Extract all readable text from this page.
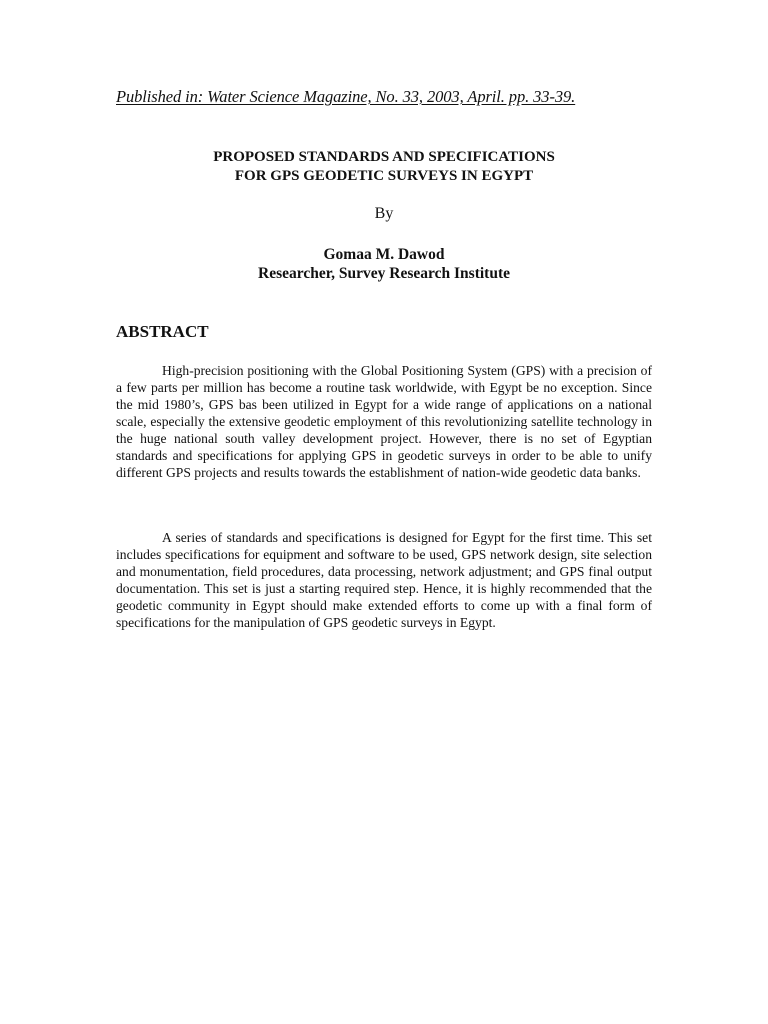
Published in: Water Science Magazine, No. 33, 2003, April. pp. 33-39.
PROPOSED STANDARDS AND SPECIFICATIONS
FOR GPS GEODETIC SURVEYS IN EGYPT
By
Gomaa M. Dawod
Researcher, Survey Research Institute
ABSTRACT

High-precision positioning with the Global Positioning System (GPS) with a precision of a few parts per million has become a routine task worldwide, with Egypt be no exception. Since the mid 1980’s, GPS bas been utilized in Egypt for a wide range of applications on a national scale, especially the extensive geodetic employment of this revolutionizing satellite technology in the huge national south valley development project. However, there is no set of Egyptian standards and specifications for applying GPS in geodetic surveys in order to be able to unify different GPS projects and results towards the establishment of nation-wide geodetic data banks.

A series of standards and specifications is designed for Egypt for the first time. This set includes specifications for equipment and software to be used, GPS network design, site selection and monumentation, field procedures, data processing, network adjustment; and GPS final output documentation. This set is just a starting required step. Hence, it is highly recommended that the geodetic community in Egypt should make extended efforts to come up with a final form of specifications for the manipulation of GPS geodetic surveys in Egypt.
